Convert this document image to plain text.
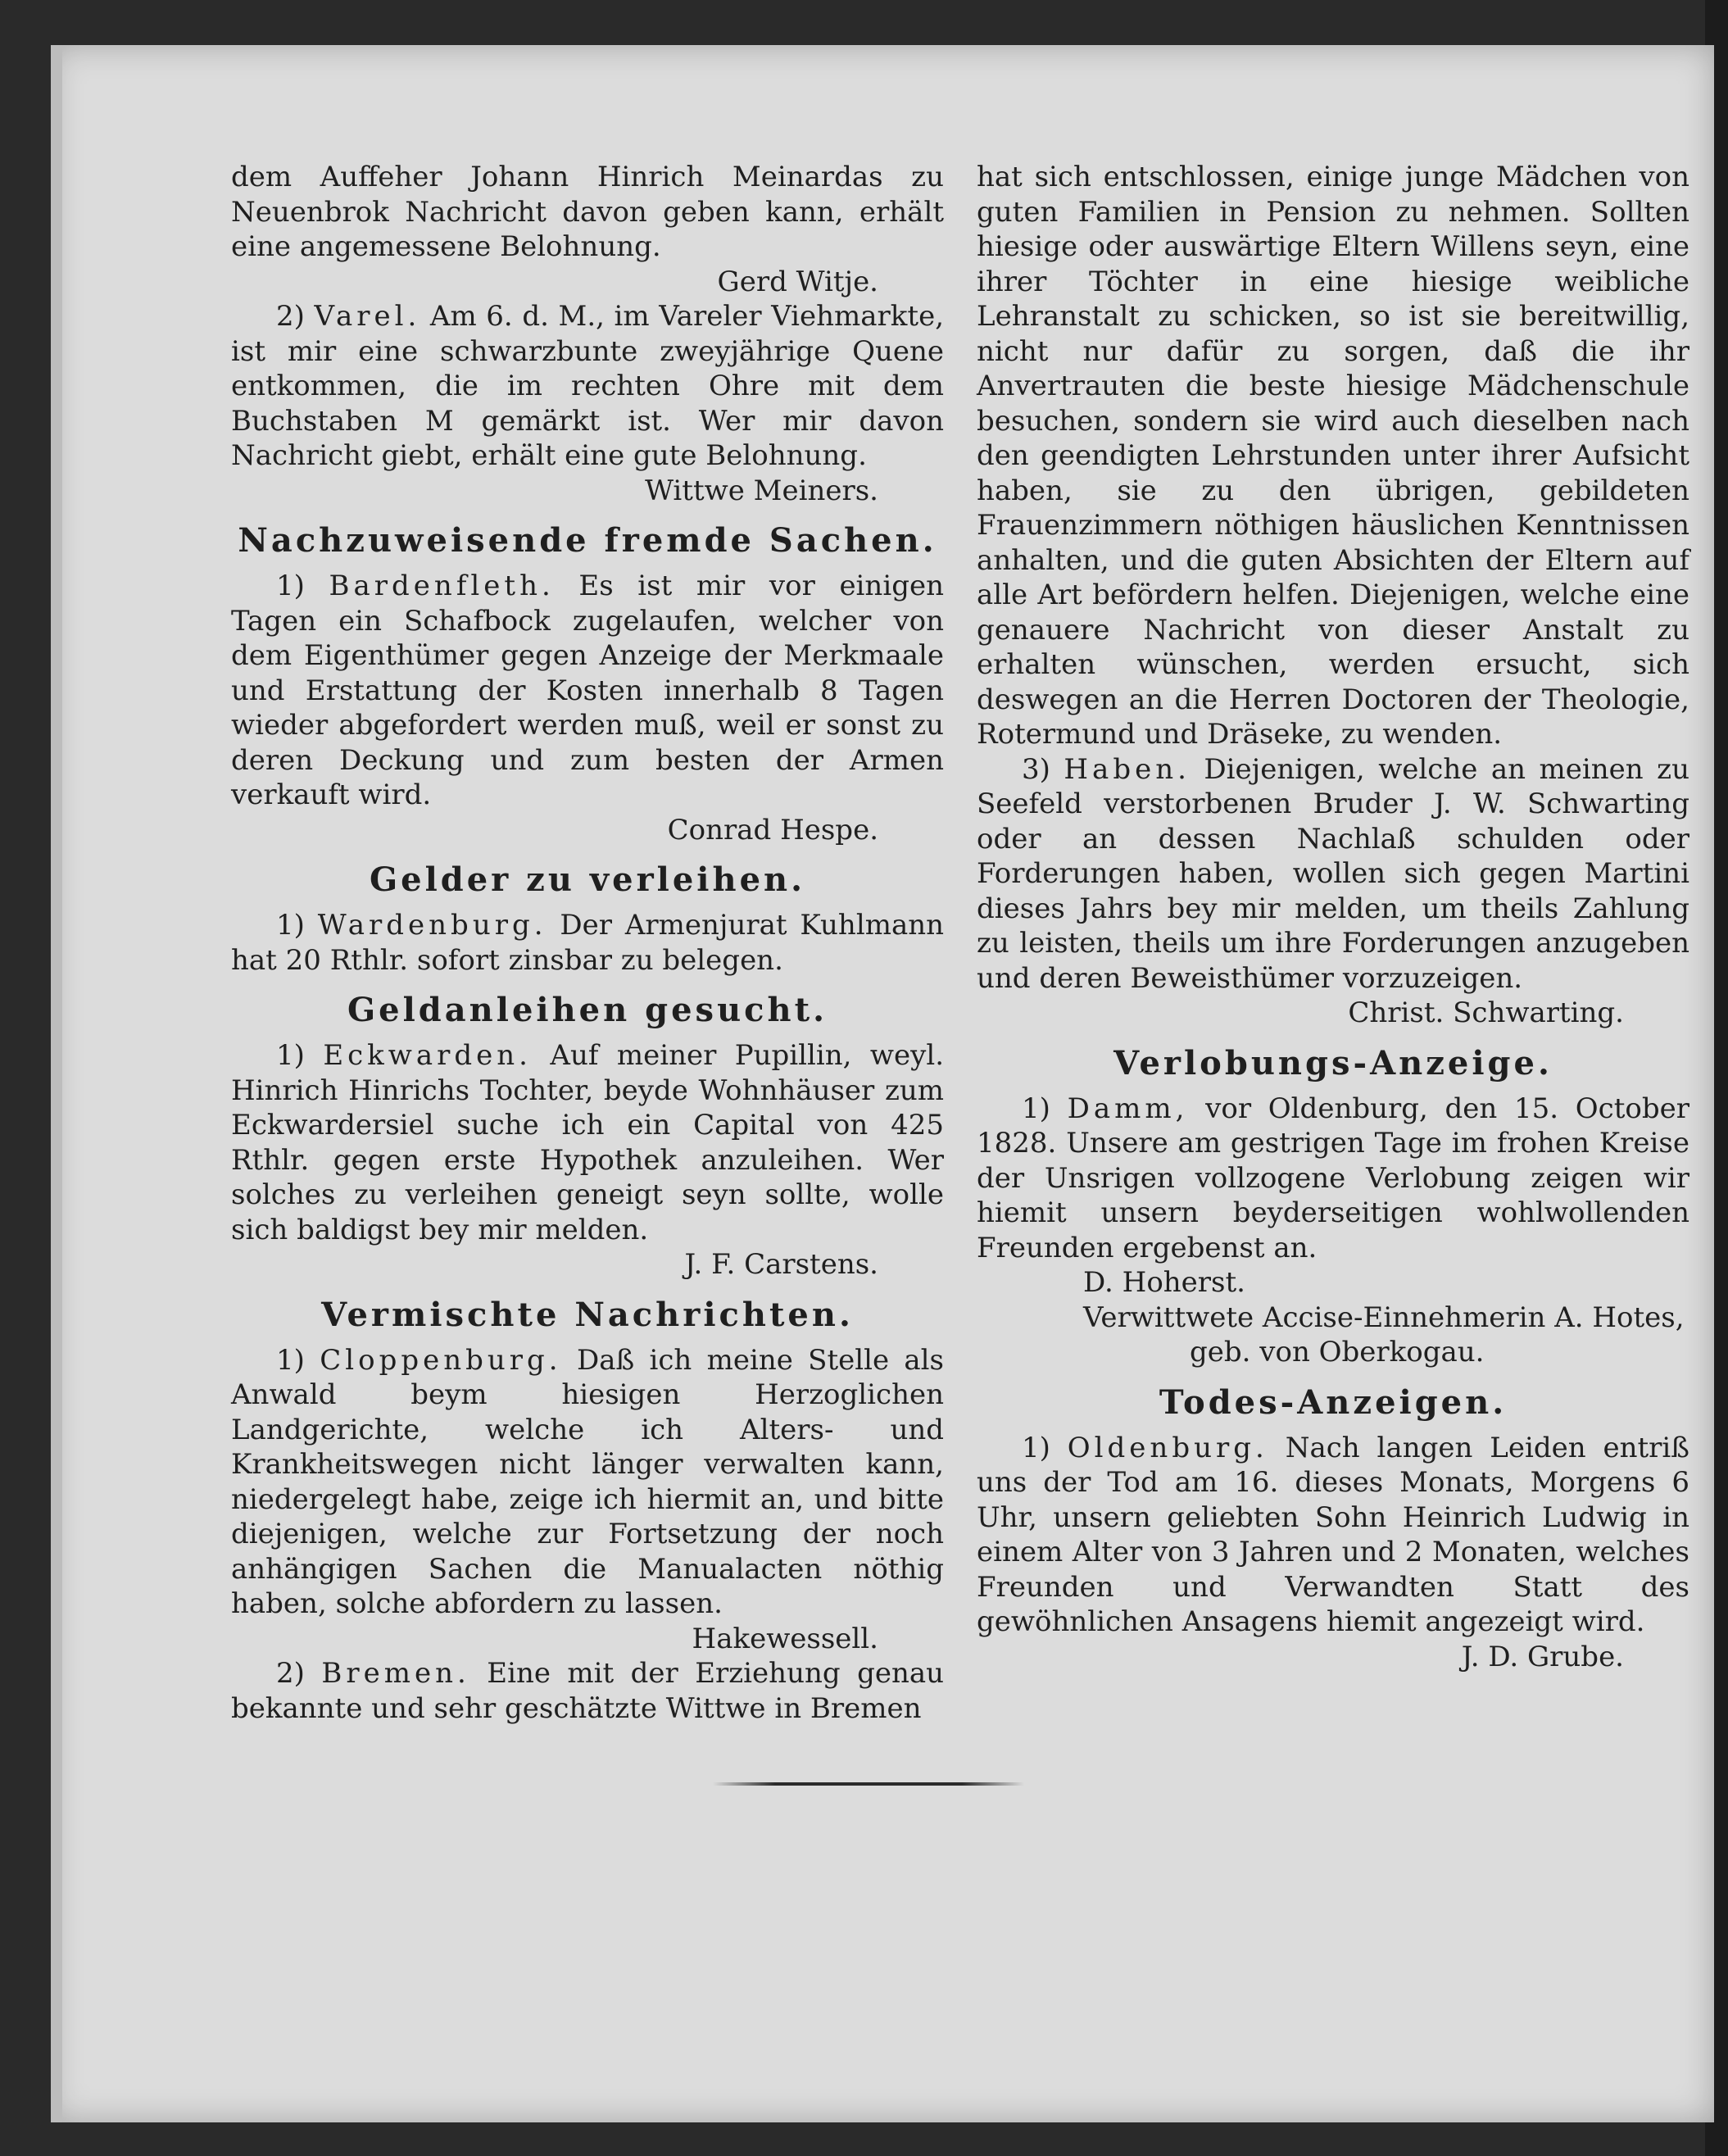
dem Auffeher Johann Hinrich Meinardas zu Neuenbrok Nachricht davon geben kann, erhält eine angemessene Belohnung.

Gerd Witje.

2) Varel. Am 6. d. M., im Vareler Viehmarkte, ist mir eine schwarzbunte zweyjährige Quene entkommen, die im rechten Ohre mit dem Buchstaben M gemärkt ist. Wer mir davon Nachricht giebt, erhält eine gute Belohnung.

Wittwe Meiners.

Nachzuweisende fremde Sachen.

1) Bardenfleth. Es ist mir vor einigen Tagen ein Schafbock zugelaufen, welcher von dem Eigenthümer gegen Anzeige der Merkmaale und Erstattung der Kosten innerhalb 8 Tagen wieder abgefordert werden muß, weil er sonst zu deren Deckung und zum besten der Armen verkauft wird.

Conrad Hespe.

Gelder zu verleihen.

1) Wardenburg. Der Armenjurat Kuhlmann hat 20 Rthlr. sofort zinsbar zu belegen.

Geldanleihen gesucht.

1) Eckwarden. Auf meiner Pupillin, weyl. Hinrich Hinrichs Tochter, beyde Wohnhäuser zum Eckwardersiel suche ich ein Capital von 425 Rthlr. gegen erste Hypothek anzuleihen. Wer solches zu verleihen geneigt seyn sollte, wolle sich baldigst bey mir melden.

J. F. Carstens.

Vermischte Nachrichten.

1) Cloppenburg. Daß ich meine Stelle als Anwald beym hiesigen Herzoglichen Landgerichte, welche ich Alters- und Krankheitswegen nicht länger verwalten kann, niedergelegt habe, zeige ich hiermit an, und bitte diejenigen, welche zur Fortsetzung der noch anhängigen Sachen die Manualacten nöthig haben, solche abfordern zu lassen.

Hakewessell.

2) Bremen. Eine mit der Erziehung genau bekannte und sehr geschätzte Wittwe in Bremen

hat sich entschlossen, einige junge Mädchen von guten Familien in Pension zu nehmen. Sollten hiesige oder auswärtige Eltern Willens seyn, eine ihrer Töchter in eine hiesige weibliche Lehranstalt zu schicken, so ist sie bereitwillig, nicht nur dafür zu sorgen, daß die ihr Anvertrauten die beste hiesige Mädchenschule besuchen, sondern sie wird auch dieselben nach den geendigten Lehrstunden unter ihrer Aufsicht haben, sie zu den übrigen, gebildeten Frauenzimmern nöthigen häuslichen Kenntnissen anhalten, und die guten Absichten der Eltern auf alle Art befördern helfen. Diejenigen, welche eine genauere Nachricht von dieser Anstalt zu erhalten wünschen, werden ersucht, sich deswegen an die Herren Doctoren der Theologie, Rotermund und Dräseke, zu wenden.

3) Haben. Diejenigen, welche an meinen zu Seefeld verstorbenen Bruder J. W. Schwarting oder an dessen Nachlaß schulden oder Forderungen haben, wollen sich gegen Martini dieses Jahrs bey mir melden, um theils Zahlung zu leisten, theils um ihre Forderungen anzugeben und deren Beweisthümer vorzuzeigen.

Christ. Schwarting.

Verlobungs-Anzeige.

1) Damm, vor Oldenburg, den 15. October 1828. Unsere am gestrigen Tage im frohen Kreise der Unsrigen vollzogene Verlobung zeigen wir hiemit unsern beyderseitigen wohlwollenden Freunden ergebenst an.

D. Hoherst.

Verwittwete Accise-Einnehmerin A. Hotes,

geb. von Oberkogau.

Todes-Anzeigen.

1) Oldenburg. Nach langen Leiden entriß uns der Tod am 16. dieses Monats, Morgens 6 Uhr, unsern geliebten Sohn Heinrich Ludwig in einem Alter von 3 Jahren und 2 Monaten, welches Freunden und Verwandten Statt des gewöhnlichen Ansagens hiemit angezeigt wird.

J. D. Grube.
